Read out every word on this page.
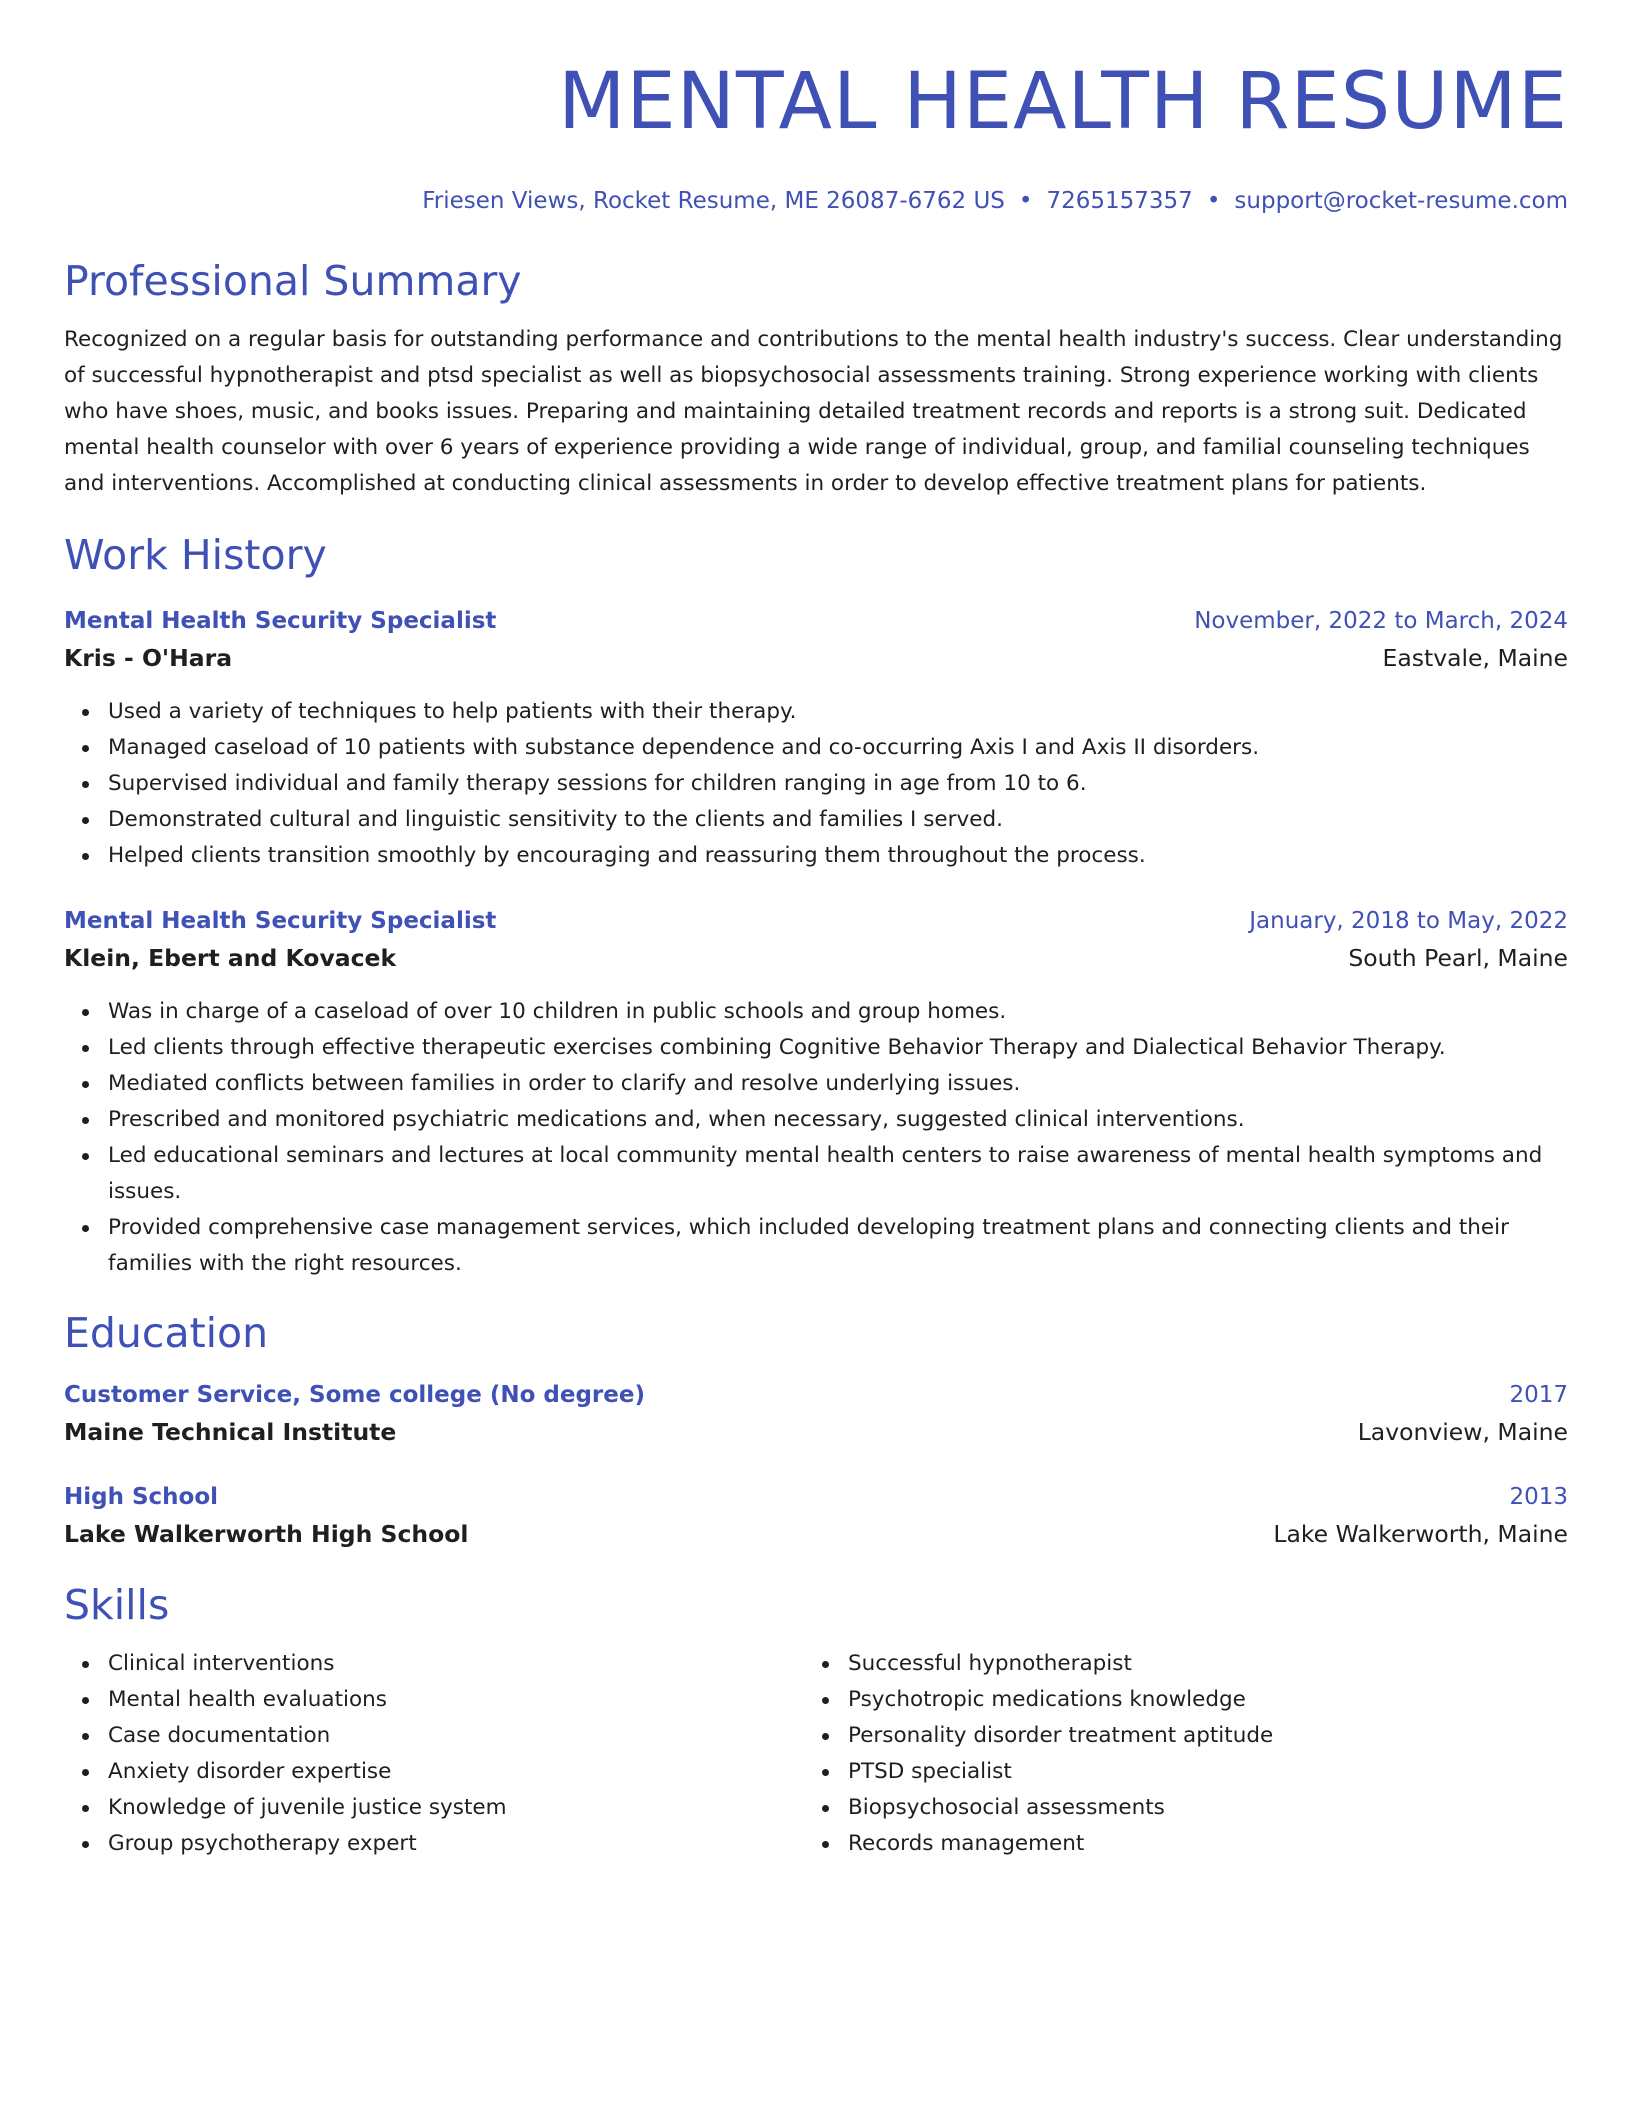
MENTAL HEALTH RESUME
Friesen Views, Rocket Resume, ME 26087-6762 US • 7265157357 • support@rocket-resume.com
Professional Summary
Recognized on a regular basis for outstanding performance and contributions to the mental health industry's success. Clear understanding of successful hypnotherapist and ptsd specialist as well as biopsychosocial assessments training. Strong experience working with clients who have shoes, music, and books issues. Preparing and maintaining detailed treatment records and reports is a strong suit. Dedicated mental health counselor with over 6 years of experience providing a wide range of individual, group, and familial counseling techniques and interventions. Accomplished at conducting clinical assessments in order to develop effective treatment plans for patients.
Work History
Mental Health Security Specialist	November, 2022 to March, 2024
Kris - O'Hara	Eastvale, Maine
Used a variety of techniques to help patients with their therapy.
Managed caseload of 10 patients with substance dependence and co-occurring Axis I and Axis II disorders.
Supervised individual and family therapy sessions for children ranging in age from 10 to 6.
Demonstrated cultural and linguistic sensitivity to the clients and families I served.
Helped clients transition smoothly by encouraging and reassuring them throughout the process.
Mental Health Security Specialist	January, 2018 to May, 2022
Klein, Ebert and Kovacek	South Pearl, Maine
Was in charge of a caseload of over 10 children in public schools and group homes.
Led clients through effective therapeutic exercises combining Cognitive Behavior Therapy and Dialectical Behavior Therapy.
Mediated conflicts between families in order to clarify and resolve underlying issues.
Prescribed and monitored psychiatric medications and, when necessary, suggested clinical interventions.
Led educational seminars and lectures at local community mental health centers to raise awareness of mental health symptoms and issues.
Provided comprehensive case management services, which included developing treatment plans and connecting clients and their families with the right resources.
Education
Customer Service, Some college (No degree)	2017
Maine Technical Institute	Lavonview, Maine
High School	2013
Lake Walkerworth High School	Lake Walkerworth, Maine
Skills
Clinical interventions
Mental health evaluations
Case documentation
Anxiety disorder expertise
Knowledge of juvenile justice system
Group psychotherapy expert
Successful hypnotherapist
Psychotropic medications knowledge
Personality disorder treatment aptitude
PTSD specialist
Biopsychosocial assessments
Records management
